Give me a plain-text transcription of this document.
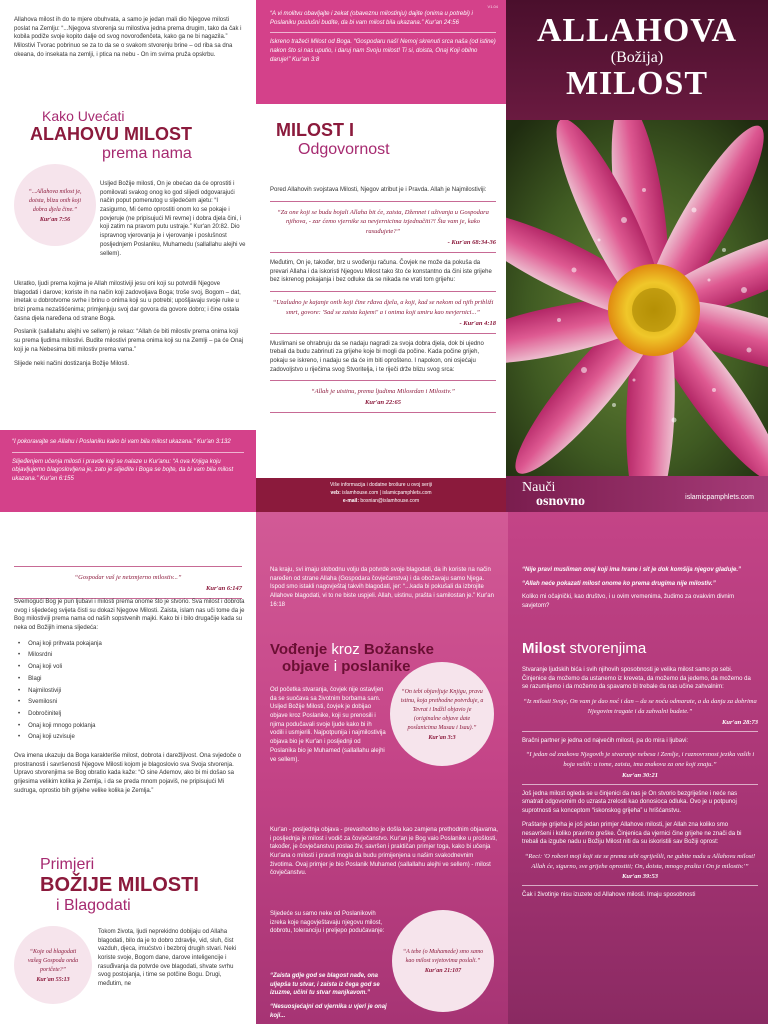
Allahova milost ih do te mjere obuhvata, a samo je jedan mali dio Njegove milosti poslat na Zemlju: “...Njegova stvorenja su milostiva jedna prema drugim, tako da čak i kobila podiže svoje kopito dalje od svog novorođenčeta, kako ga ne bi nagazila.” Milostivi Tvorac pobrinuo se za to da se o svakom stvorenju brine – od riba sa dna okeana, do insekata na zemlji, i ptica na nebu - On im svima pruža opskrbu.

Kako Uvećati
ALAHOVU MILOST
prema nama
“...Allahova milost je, doista, blizu onih koji dobra djela čine.”
Kur'an 7:56

Usljed Božije milosti, On je obećao da će oprostiti i pomilovati svakog onog ko god slijedi odgovarajući način poput pomenutog u sljedećem ajetu: “I zasigurno, Mi ćemo oprostiti onom ko se pokaje i povjeruje (ne pripisujući Mi revme) i dobra djela čini, i koji zatim na pravom putu ustraje.” Kur'an 20:82. Dio ispravnog vjerovanja je i vjerovanje i poslušnost posljednjem Poslaniku, Muhamedu (sallallahu alejhi ve sellem).

Ukratko, ljudi prema kojima je Allah milostiviji jesu oni koji su potvrdili Njegove blagodati i darove; koriste ih na način koji zadovoljava Boga; troše svoj, Bogom – dat, imetak u dobrotvorne svrhe i brinu o onima koji su u potrebi; upošljavaju svoje ruke u brizi prema nezaštićenima; primjenjuju svoj dar govora da govore dobro; i čine ostala časna djela naređena od strane Boga.

Poslanik (sallallahu alejhi ve sellem) je rekao: “Allah će biti milostiv prema onima koji su prema ljudima milostivi. Budite milostivi prema onima koji su na Zemlji – pa će Onaj koji je na Nebesima biti milostiv prema vama.”

Slijede neki načini dostizanja Božije Milosti.

“I pokoravajte se Allahu i Poslaniku kako bi vam bila milost ukazana.” Kur'an 3:132

Slijeđenjem učenja milosti i pravde koji se nalaze u Kur'anu: “A ova Knjiga koju objavljujemo blagoslovljena je, zato je slijedite i Boga se bojte, da bi vam bila milost ukazana.” Kur'an 6:155

V1.04

“A vi molitvu obavljajte i zekat (obaveznu milostinju) dajite (onima u potrebi) i Poslaniku poslušni budite, da bi vam milost bila ukazana.” Kur'an 24:56

Iskreno tražeći Milost od Boga. “Gospodaru naš! Nemoj skrenuti srca naša (od istine) nakon što si nas uputio, i daruj nam Svoju milost! Ti si, doista, Onaj Koji obilno daruje!” Kur'an 3:8

MILOST I
Odgovornost

Pored Allahovih svojstava Milosti, Njegov atribut je i Pravda. Allah je Najmilostiviji:

“Za one koji se budu bojali Allaha bit će, zaista, Džennet i uživanja u Gospodara njihova, - zar ćemo vjernike sa nevjernicima izjednačiti?! Šta vam je, kako rasuđujete?”
- Kur'an 68:34-36

Međutim, On je, također, brz u svođenju računa. Čovjek ne može da pokuša da prevari Allaha i da iskoristi Njegovu Milost tako što će konstantno da čini iste grijehe bez iskrenog pokajanja i bez odluke da se nikada ne vrati tom grijehu:

“Uzaludno je kajanje onih koji čine rđava djela, a koji, kad se nekom od njih približi smrt, govore: 'Sad se zaista kajem!' a i onima koji umiru kao nevjernici...”
- Kur'an 4:18

Muslimani se ohrabruju da se nadaju nagradi za svoja dobra djela, dok bi ujedno trebali da budu zabrinuti za grijehe koje bi mogli da počine. Kada počine grijeh, pokaju se iskreno, i nadaju se da će im biti oprošteno. I napokon, oni osjećaju zadovoljstvo u riječima svog Stvoritelja, i te riječi drže blizu svog srca:

“Allah je uistinu, prema ljudima Milosrdan i Milostiv.”
Kur'an 22:65
Više informacija i dodatne brošure u ovoj seriji
veb: islamhouse.com | islamicpamphlets.com
e-mail: bosnian@islamhouse.com
ALLAHOVA
(Božija)
MILOST
Nauči
osnovno	islamicpamphlets.com
“Gospodar vaš je neizmjerno milostiv...”
Kur'an 6:147

Svemogući Bog je pun ljubavi i milosti prema onome što je stvorio. Sva milost i dobrota ovog i sljedećeg svijeta čisti su dokazi Njegove Milosti. Zaista, islam nas uči tome da je Bog milostiviji prema nama od naših sopstvenih majki. Kako bi i bilo drugačije kada su neka od Božijih imena sljedeća:

• Onaj koji prihvata pokajanja
• Milosrdni
• Onaj koji voli
• Blagi
• Najmilostiviji
• Svemilosni
• Dobročinitelj
• Onaj koji mnogo poklanja
• Onaj koji uzvisuje

Ova imena ukazuju da Boga karakteriše milost, dobrota i darežljivost. Ona svjedoče o prostranosti i savršenosti Njegove Milosti kojom je blagoslovio sva Svoja stvorenja. Upravo stvorenjima se Bog obratio kada kaže: “O sine Ademov, ako bi mi došao sa grijesima velikim kolika je Zemlja, i da se preda mnom pojaviš, ne pripisujući Mi sudruga, oprostio bih grijehe velike kolika je Zemlja.”

Primjeri
BOŽIJE MILOSTI
i Blagodati
“Koje od blagodati vašeg Gospoda onda poričete?”
Kur'an 55:13

Tokom života, ljudi neprekidno dobijaju od Allaha blagodati, bilo da je to dobro zdravlje, vid, sluh, čist vazduh, djeca, imućstvo i bezbroj drugih stvari. Neki koriste svoje, Bogom dane, darove inteligencije i rasuđivanja da potvrde ove blagodati, shvate svrhu svog postojanja, i time se potčine Bogu. Drugi, međutim, ne

Na kraju, svi imaju slobodnu volju da potvrde svoje blagodati, da ih koriste na način naređen od strane Allaha (Gospodara čovječanstva) i da obožavaju samo Njega. Ispod smo istakli nagovještaj takvih blagodati, jer: “...kada bi pokušali da izbrojite Allahove blagodati, vi to ne biste uspjeli. Allah, uistinu, prašta i samilostan je.” Kur'an 16:18

Vođenje kroz Božanske
objave i poslanike

Od početka stvaranja, čovjek nije ostavljen da se suočava sa životnim borbama sam. Usljed Božije Milosti, čovjek je dobijao objave kroz Poslanike, koji su prenosili i njima podučavali svoje ljude kako bi ih vodili i usmjerili. Najpotpunija i najmilostivija objava bio je Kur'an i posljednji od Poslanika bio je Muhamed (sallallahu alejhi ve sellem).

“On tebi objavljuje Knjigu, pravu istinu, koja prethodne potvrđuje, a Tevrat i Indžil objavio je (originalne objave date poslanicima Musau i Isau).”
Kur'an 3:3

Kur'an - posljednja objava - prevashodno je došla kao zamjena prethodnim objavama, i posljednja je milost i vodič za čovječanstvo. Kur'an je Bog vaio Poslanike u prošlosti, također, je čovječanstvu poslao živ, savršen i praktičan primjer toga, kako bi učenja Kur'ana o milosti i pravdi mogla da budu primijenjena u našim svakodnevnim životima. Ovaj primjer je bio Poslanik Muhamed (sallallahu alejhi ve sellem) - milost čovječanstvu.

Sljedeće su samo neke od Poslanikovih izreka koje nagovještavaju njegovu milost, dobrotu, toleranciju i preljepo podučavanje:

“A tebe (o Muhamede) smo samo kao milost svjetovima poslali.”
Kur'an 21:107

“Zaista gdje god se blagost nađe, ona uljepša tu stvar, i zaista iz čega god se izuzme, učini tu stvar manjkavom.”

“Nesuosjećajni od vjernika u vjeri je onaj koji...

“Nije pravi musliman onaj koji ima hrane i sit je dok komšija njegov gladuje.”

“Allah neće pokazati milost onome ko prema drugima nije milostiv.”

Koliko mi očajnički, kao društvo, i u ovim vremenima, žudimo za ovakvim divnim savjetom?

Milost stvorenjima

Stvaranje ljudskih bića i svih njihovih sposobnosti je velika milost samo po sebi. Činjenice da možemo da ustanemo iz kreveta, da možemo da jedemo, da možemo da se razumijemo i da možemo da spavamo bi trebale da nas učine zahvalnim:

“Iz milosti Svoje, On vam je dao noć i dan – da se noću odmarate, a da danju za dobrima Njegovim tragate i da zahvalni budete.”
Kur'an 28:73

Bračni partner je jedna od najvećih milosti, pa do mira i ljubavi:

“I jedan od znakova Njegovih je stvaranje nebesa i Zemlje, i raznovrsnost jezika vaših i boja vaših: u tome, zaista, ima znakova za one koji znaju.”
Kur'an 30:21

Još jedna milost ogleda se u činjenici da nas je On stvorio bezgriješne i neće nas smatrati odgovornim do uzrasta zrelosti kao donosioca odluka. Ovo je u potpunoj suprotnosti sa konceptom “iskonskog grijeha” u hrišćanstvu.

Praštanje grijeha je još jedan primjer Allahove milosti, jer Allah zna koliko smo nesavršeni i koliko pravimo greške. Činjenica da vjernici čine grijehe ne znači da bi trebali da izgube nadu u Božiju Milost niti da su iskoristili sav Božiji oprost:

“Reci: 'O robovi moji koji ste se prema sebi ogriješili, ne gubite nadu u Allahovu milost! Allah će, sigurno, sve grijehe oprostiti; On, doista, mnogo prašta i On je milostiv.'”
Kur'an 39:53

Čak i životinje nisu izuzete od Allahove milosti. Imaju sposobnosti
